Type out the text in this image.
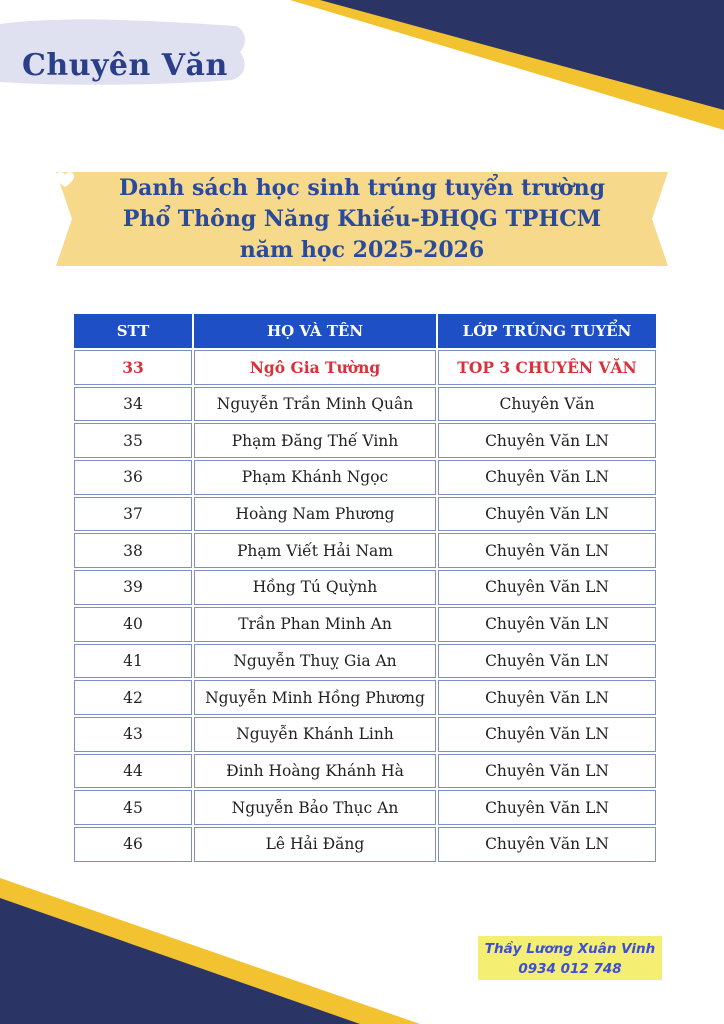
Chuyên Văn
Danh sách học sinh trúng tuyển trường
Phổ Thông Năng Khiếu-ĐHQG TPHCM
năm học 2025-2026
STT	HỌ VÀ TÊN	LỚP TRÚNG TUYỂN
33	Ngô Gia Tường	TOP 3 CHUYÊN VĂN
34	Nguyễn Trần Minh Quân	Chuyên Văn
35	Phạm Đăng Thế Vinh	Chuyên Văn LN
36	Phạm Khánh Ngọc	Chuyên Văn LN
37	Hoàng Nam Phương	Chuyên Văn LN
38	Phạm Viết Hải Nam	Chuyên Văn LN
39	Hồng Tú Quỳnh	Chuyên Văn LN
40	Trần Phan Minh An	Chuyên Văn LN
41	Nguyễn Thuỵ Gia An	Chuyên Văn LN
42	Nguyễn Minh Hồng Phương	Chuyên Văn LN
43	Nguyễn Khánh Linh	Chuyên Văn LN
44	Đinh Hoàng Khánh Hà	Chuyên Văn LN
45	Nguyễn Bảo Thục An	Chuyên Văn LN
46	Lê Hải Đăng	Chuyên Văn LN
Thầy Lương Xuân Vinh
0934 012 748
